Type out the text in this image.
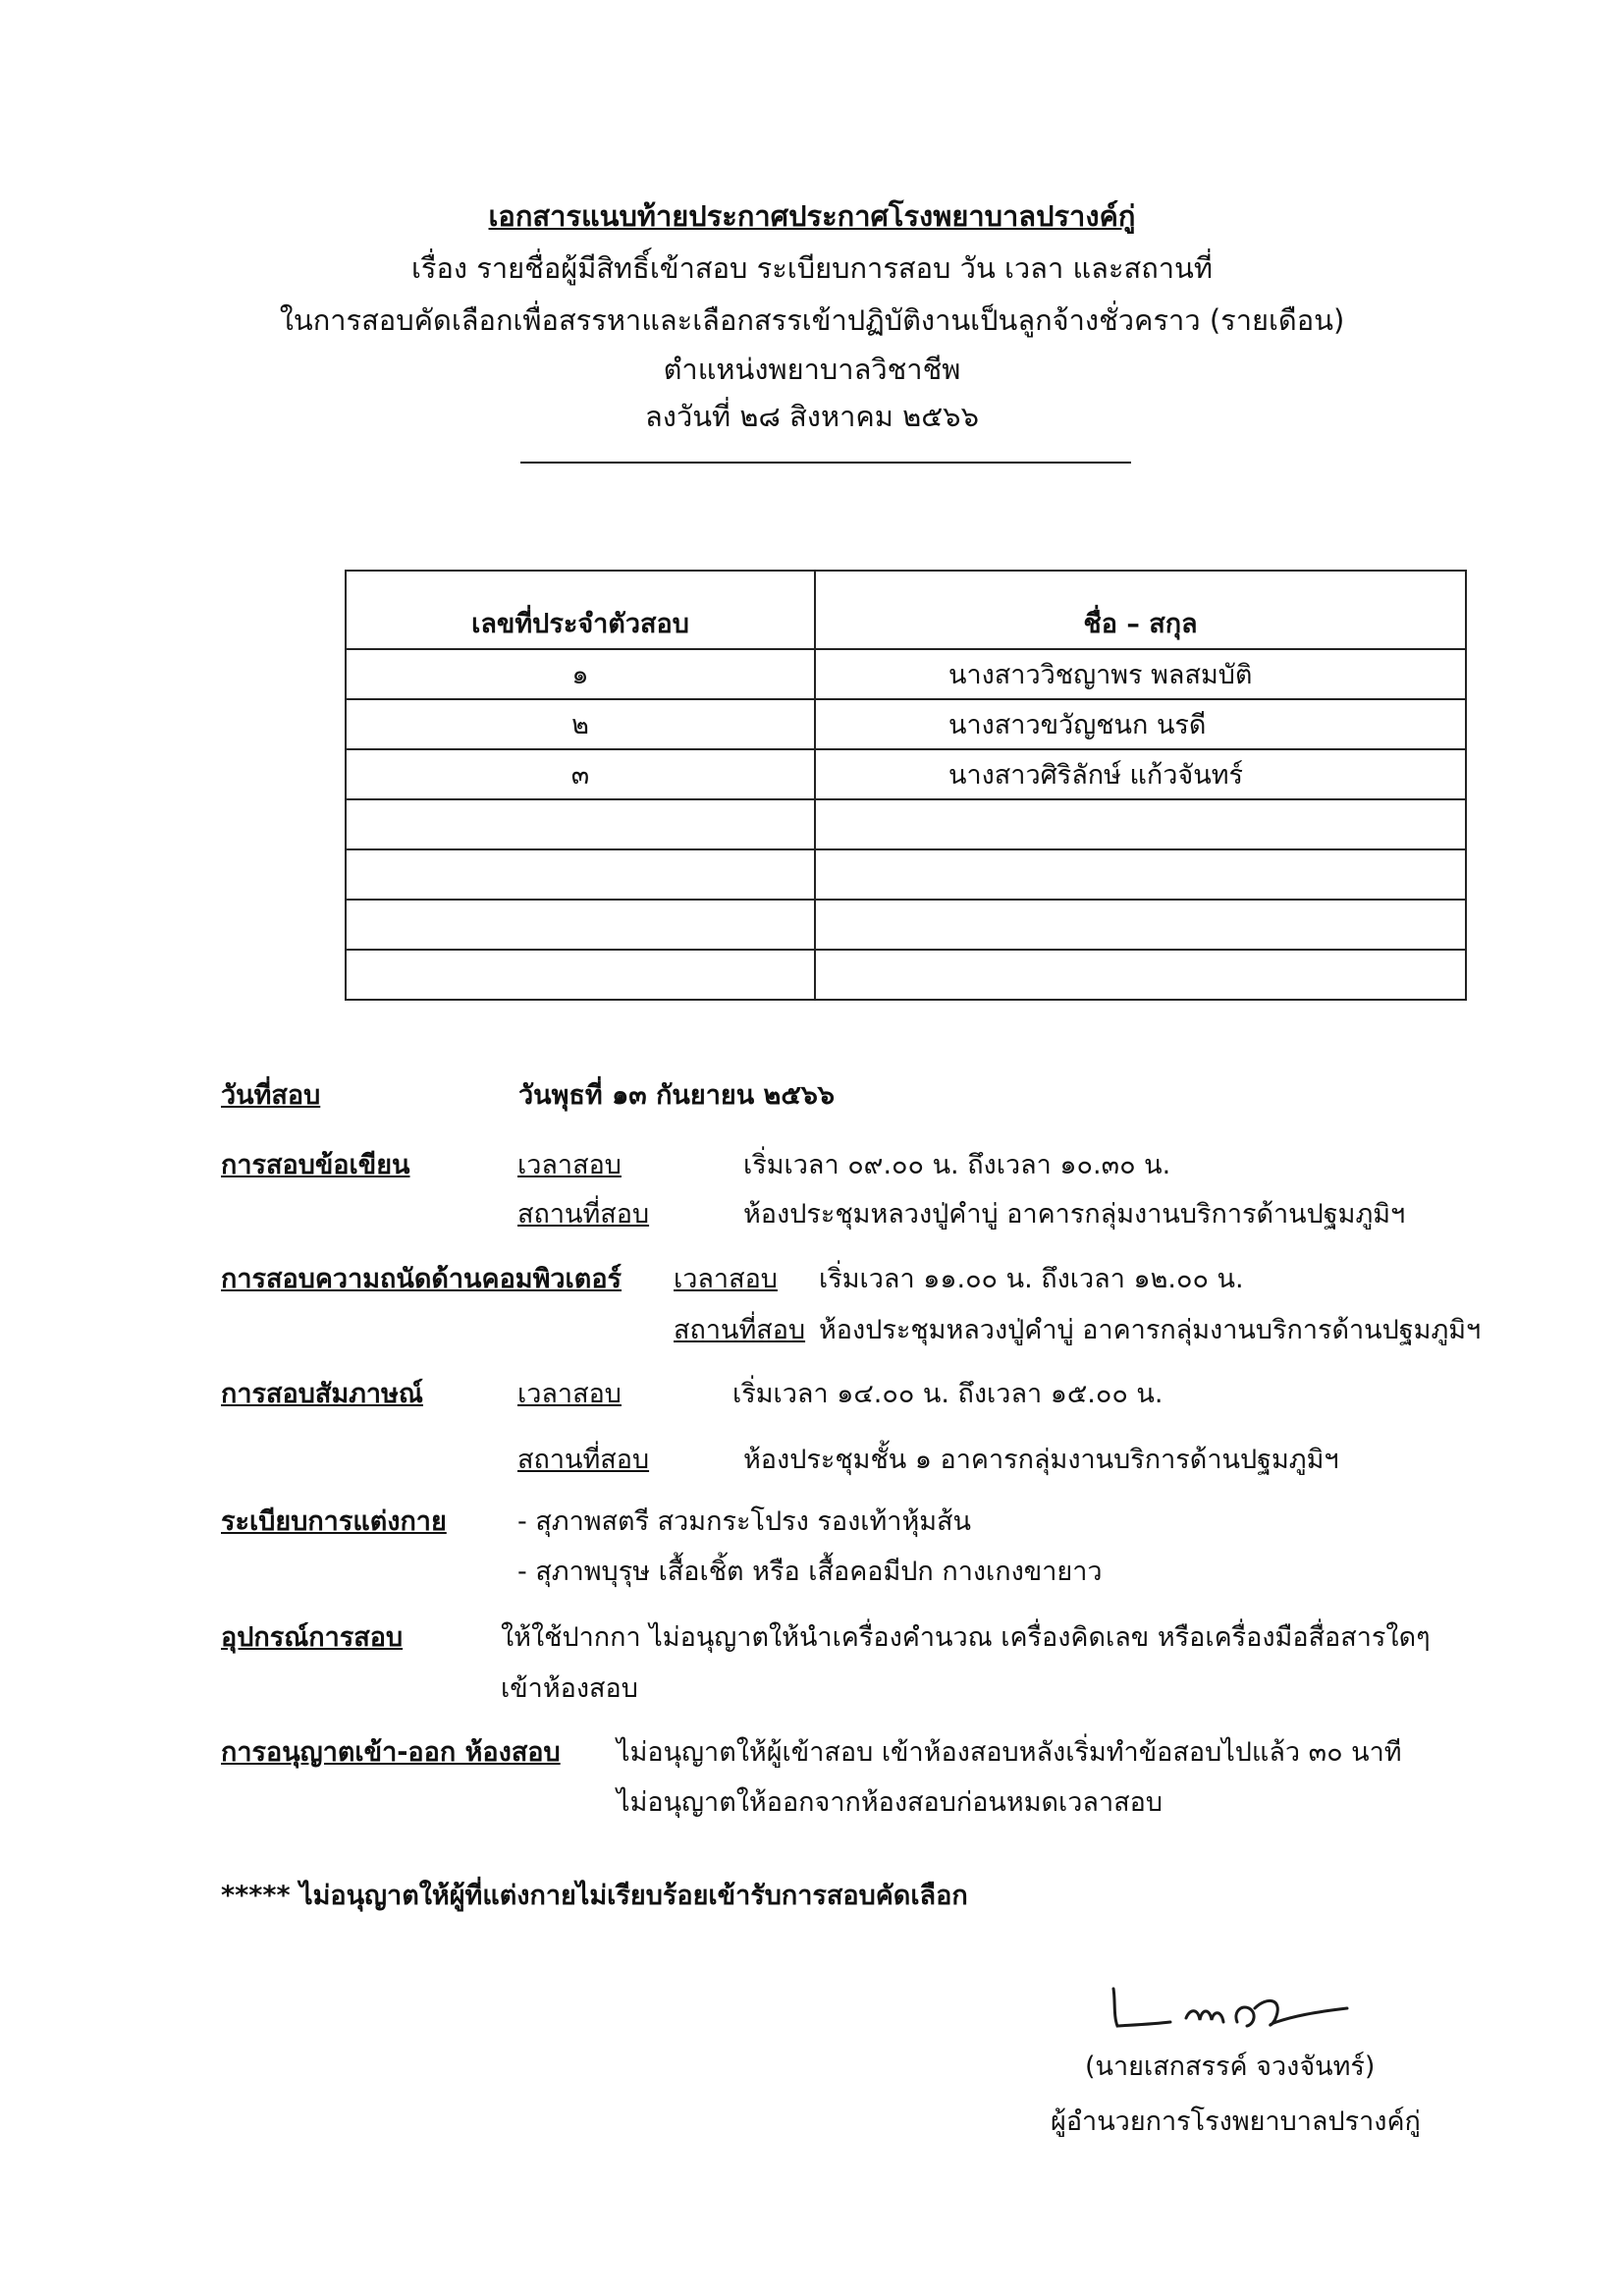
เอกสารแนบท้ายประกาศประกาศโรงพยาบาลปรางค์กู่
เรื่อง รายชื่อผู้มีสิทธิ์เข้าสอบ ระเบียบการสอบ วัน เวลา และสถานที่
ในการสอบคัดเลือกเพื่อสรรหาและเลือกสรรเข้าปฏิบัติงานเป็นลูกจ้างชั่วคราว (รายเดือน)
ตำแหน่งพยาบาลวิชาชีพ
ลงวันที่ ๒๘ สิงหาคม ๒๕๖๖
เลขที่ประจำตัวสอบ	ชื่อ – สกุล
๑	นางสาววิชญาพร พลสมบัติ
๒	นางสาวขวัญชนก นรดี
๓	นางสาวศิริลักษ์ แก้วจันทร์

วันที่สอบ	วันพุธที่ ๑๓ กันยายน ๒๕๖๖
การสอบข้อเขียน	เวลาสอบ	เริ่มเวลา ๐๙.๐๐ น. ถึงเวลา ๑๐.๓๐ น.
สถานที่สอบ	ห้องประชุมหลวงปู่คำบู่ อาคารกลุ่มงานบริการด้านปฐมภูมิฯ
การสอบความถนัดด้านคอมพิวเตอร์ เวลาสอบ เริ่มเวลา ๑๑.๐๐ น. ถึงเวลา ๑๒.๐๐ น.
สถานที่สอบ ห้องประชุมหลวงปู่คำบู่ อาคารกลุ่มงานบริการด้านปฐมภูมิฯ
การสอบสัมภาษณ์	เวลาสอบ	เริ่มเวลา ๑๔.๐๐ น. ถึงเวลา ๑๕.๐๐ น.
สถานที่สอบ	ห้องประชุมชั้น ๑ อาคารกลุ่มงานบริการด้านปฐมภูมิฯ
ระเบียบการแต่งกาย	- สุภาพสตรี สวมกระโปรง รองเท้าหุ้มส้น
- สุภาพบุรุษ เสื้อเชิ้ต หรือ เสื้อคอมีปก กางเกงขายาว
อุปกรณ์การสอบ	ให้ใช้ปากกา ไม่อนุญาตให้นำเครื่องคำนวณ เครื่องคิดเลข หรือเครื่องมือสื่อสารใดๆ
เข้าห้องสอบ
การอนุญาตเข้า-ออก ห้องสอบ ไม่อนุญาตให้ผู้เข้าสอบ เข้าห้องสอบหลังเริ่มทำข้อสอบไปแล้ว ๓๐ นาที
ไม่อนุญาตให้ออกจากห้องสอบก่อนหมดเวลาสอบ
***** ไม่อนุญาตให้ผู้ที่แต่งกายไม่เรียบร้อยเข้ารับการสอบคัดเลือก
(นายเสกสรรค์ จวงจันทร์)
ผู้อำนวยการโรงพยาบาลปรางค์กู่
